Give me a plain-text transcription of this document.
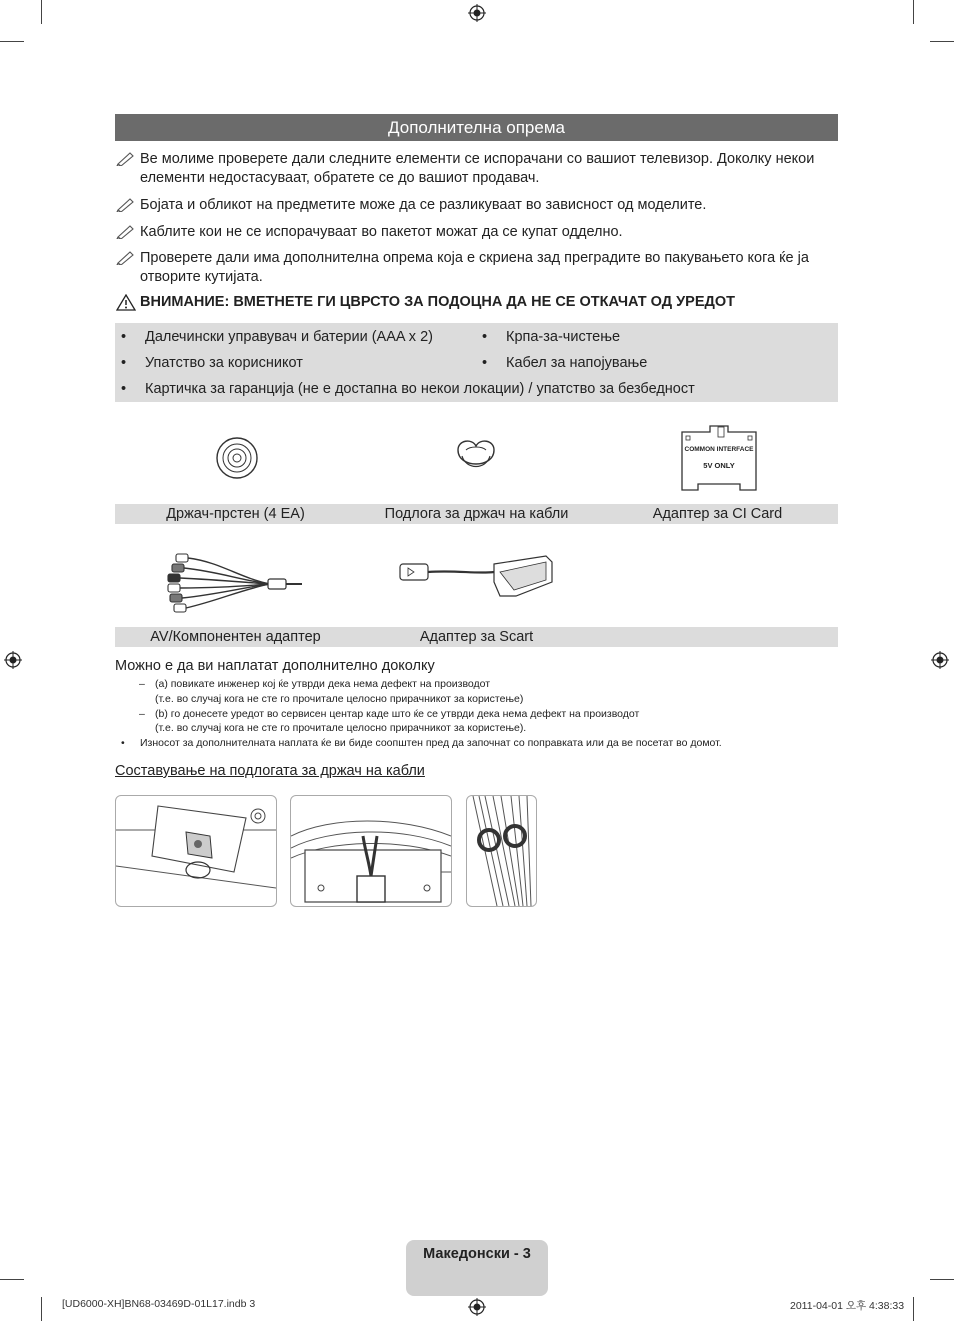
Дополнителна опрема
Ве молиме проверете дали следните елементи се испорачани со вашиот телевизор. Доколку некои елементи недостасуваат, обратете се до вашиот продавач.
Бојата и обликот на предметите може да се разликуваат во зависност од моделите.
Каблите кои не се испорачуваат во пакетот можат да се купат одделно.
Проверете дали има дополнителна опрема која е скриена зад преградите во пакувањето кога ќе ја отворите кутијата.
ВНИМАНИЕ: ВМЕТНЕТЕ ГИ ЦВРСТО ЗА ПОДОЦНА ДА НЕ СЕ ОТКАЧАТ ОД УРЕДОТ
• Далечински управувач и батерии (AAA x 2)	• Крпа-за-чистење
• Упатство за корисникот	• Кабел за напојување
• Картичка за гаранција (не е достапна во некои локации) / упатство за безбедност
COMMON INTERFACE
5V ONLY
Држач-прстен (4 EA)	Подлога за држач на кабли	Адаптер за CI Card
AV/Компонентен адаптер	Адаптер за Scart
Можно е да ви наплатат дополнително доколку
– (a) повикате инженер кој ќе утврди дека нема дефект на производот
(т.е. во случај кога не сте го прочитале целосно прирачникот за користење)
– (b) го донесете уредот во сервисен центар каде што ќе се утврди дека нема дефект на производот
(т.е. во случај кога не сте го прочитале целосно прирачникот за користење).
• Износот за дополнителната наплата ќе ви биде соопштен пред да започнат со поправката или да ве посетат во домот.
Составување на подлогата за држач на кабли
Македонски - 3
[UD6000-XH]BN68-03469D-01L17.indb 3	2011-04-01 오후 4:38:33
